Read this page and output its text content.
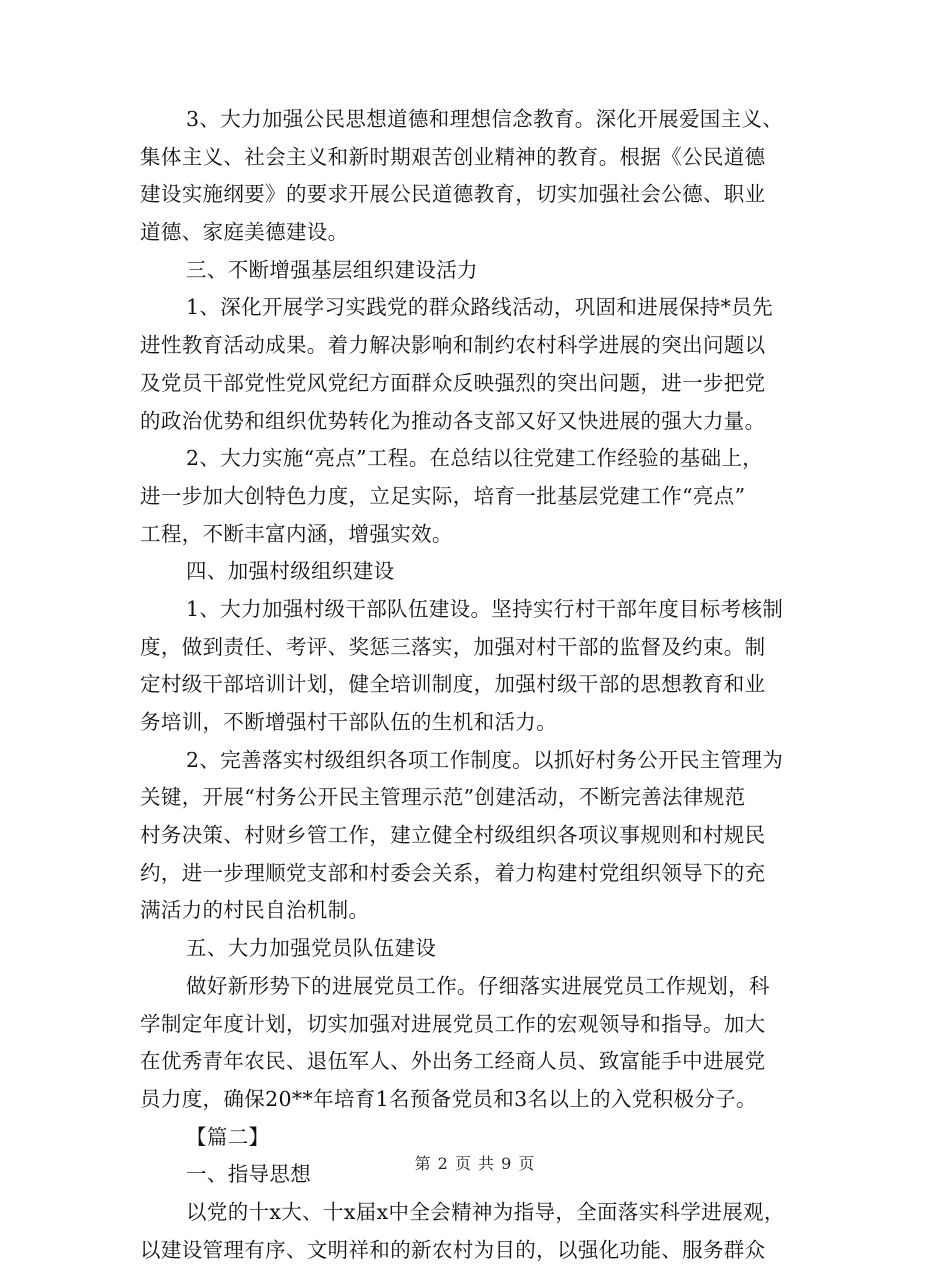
3、大力加强公民思想道德和理想信念教育。深化开展爱国主义、
集体主义、社会主义和新时期艰苦创业精神的教育。根据《公民道德
建设实施纲要》的要求开展公民道德教育，切实加强社会公德、职业
道德、家庭美德建设。
三、不断增强基层组织建设活力
1、深化开展学习实践党的群众路线活动，巩固和进展保持*员先
进性教育活动成果。着力解决影响和制约农村科学进展的突出问题以
及党员干部党性党风党纪方面群众反映强烈的突出问题，进一步把党
的政治优势和组织优势转化为推动各支部又好又快进展的强大力量。
2、大力实施“亮点”工程。在总结以往党建工作经验的基础上，
进一步加大创特色力度，立足实际，培育一批基层党建工作“亮点”
工程，不断丰富内涵，增强实效。
四、加强村级组织建设
1、大力加强村级干部队伍建设。坚持实行村干部年度目标考核制
度，做到责任、考评、奖惩三落实，加强对村干部的监督及约束。制
定村级干部培训计划，健全培训制度，加强村级干部的思想教育和业
务培训，不断增强村干部队伍的生机和活力。
2、完善落实村级组织各项工作制度。以抓好村务公开民主管理为
关键，开展“村务公开民主管理示范”创建活动，不断完善法律规范
村务决策、村财乡管工作，建立健全村级组织各项议事规则和村规民
约，进一步理顺党支部和村委会关系，着力构建村党组织领导下的充
满活力的村民自治机制。
五、大力加强党员队伍建设
做好新形势下的进展党员工作。仔细落实进展党员工作规划，科
学制定年度计划，切实加强对进展党员工作的宏观领导和指导。加大
在优秀青年农民、退伍军人、外出务工经商人员、致富能手中进展党
员力度，确保20**年培育1名预备党员和3名以上的入党积极分子。
【篇二】
一、指导思想
以党的十x大、十x届x中全会精神为指导，全面落实科学进展观，
以建设管理有序、文明祥和的新农村为目的，以强化功能、服务群众
第 2 页 共 9 页
